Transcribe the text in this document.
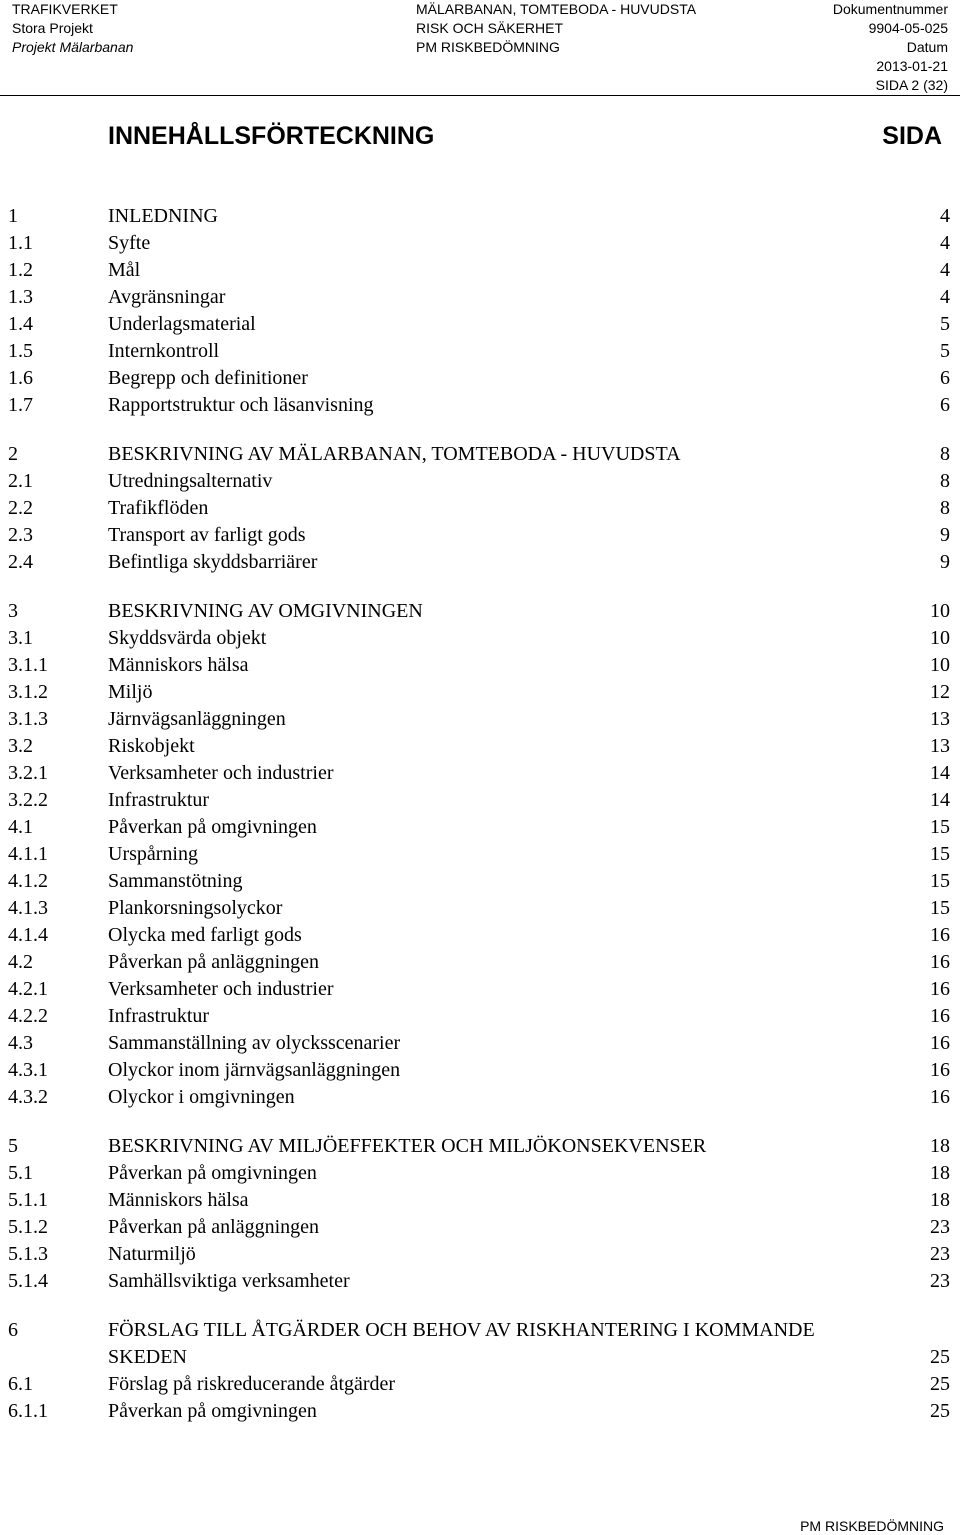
TRAFIKVERKET
Stora Projekt
Projekt Mälarbanan
MÄLARBANAN, TOMTEBODA - HUVUDSTA
RISK OCH SÄKERHET
PM RISKBEDÖMNING
Dokumentnummer
9904-05-025
Datum
2013-01-21
SIDA 2 (32)
INNEHÅLLSFÖRTECKNING	SIDA
1	INLEDNING	4
1.1	Syfte	4
1.2	Mål	4
1.3	Avgränsningar	4
1.4	Underlagsmaterial	5
1.5	Internkontroll	5
1.6	Begrepp och definitioner	6
1.7	Rapportstruktur och läsanvisning	6
2	BESKRIVNING AV MÄLARBANAN, TOMTEBODA - HUVUDSTA	8
2.1	Utredningsalternativ	8
2.2	Trafikflöden	8
2.3	Transport av farligt gods	9
2.4	Befintliga skyddsbarriärer	9
3	BESKRIVNING AV OMGIVNINGEN	10
3.1	Skyddsvärda objekt	10
3.1.1	Människors hälsa	10
3.1.2	Miljö	12
3.1.3	Järnvägsanläggningen	13
3.2	Riskobjekt	13
3.2.1	Verksamheter och industrier	14
3.2.2	Infrastruktur	14
4.1	Påverkan på omgivningen	15
4.1.1	Urspårning	15
4.1.2	Sammanstötning	15
4.1.3	Plankorsningsolyckor	15
4.1.4	Olycka med farligt gods	16
4.2	Påverkan på anläggningen	16
4.2.1	Verksamheter och industrier	16
4.2.2	Infrastruktur	16
4.3	Sammanställning av olycksscenarier	16
4.3.1	Olyckor inom järnvägsanläggningen	16
4.3.2	Olyckor i omgivningen	16
5	BESKRIVNING AV MILJÖEFFEKTER OCH MILJÖKONSEKVENSER	18
5.1	Påverkan på omgivningen	18
5.1.1	Människors hälsa	18
5.1.2	Påverkan på anläggningen	23
5.1.3	Naturmiljö	23
5.1.4	Samhällsviktiga verksamheter	23
6	FÖRSLAG TILL ÅTGÄRDER OCH BEHOV AV RISKHANTERING I KOMMANDE SKEDEN	25
6.1	Förslag på riskreducerande åtgärder	25
6.1.1	Påverkan på omgivningen	25
PM RISKBEDÖMNING
